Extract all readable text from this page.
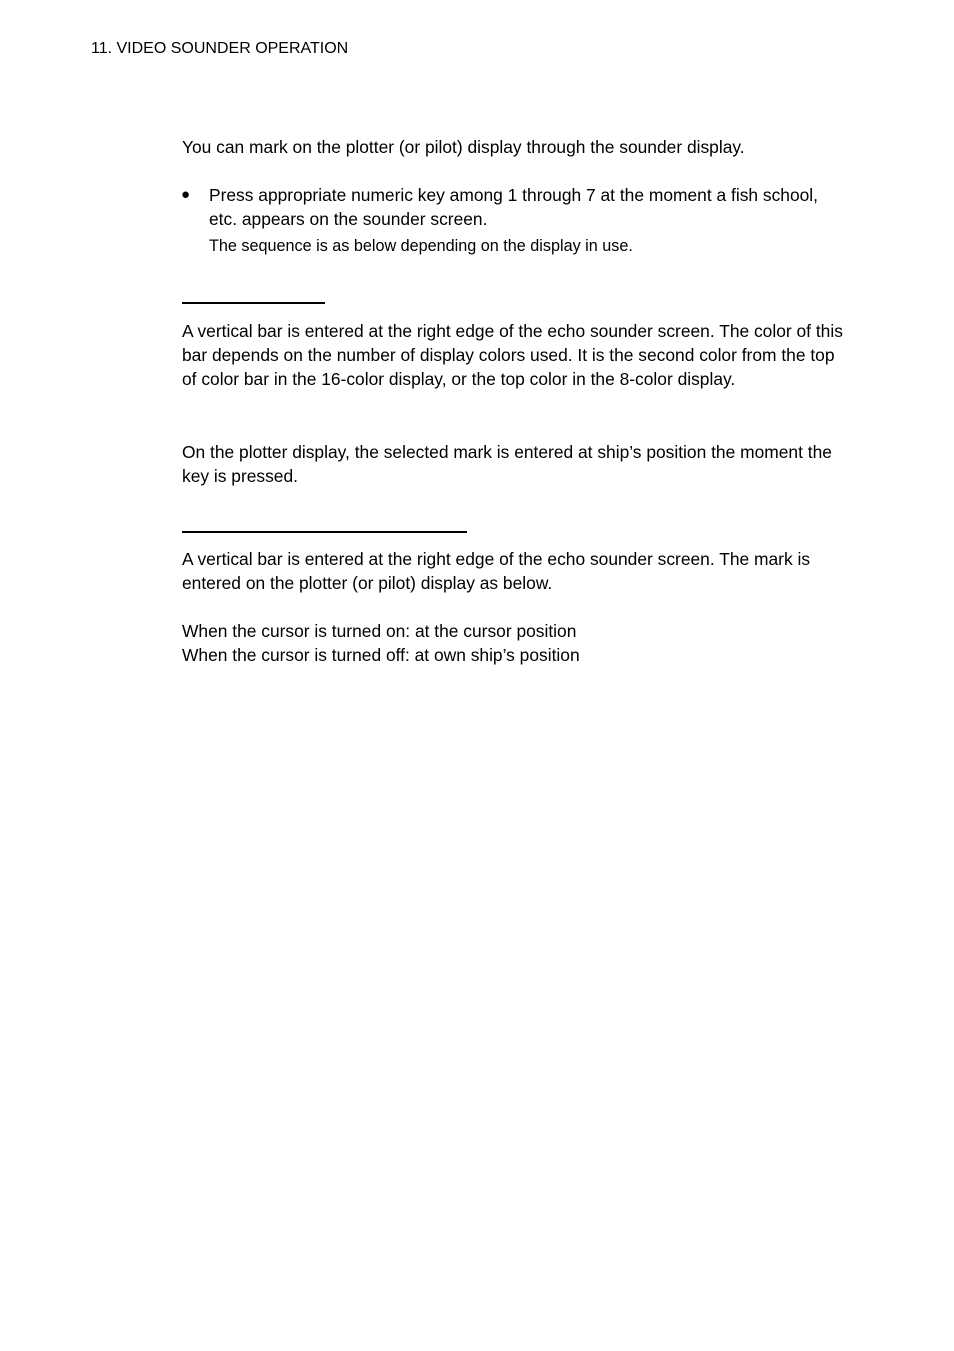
11. VIDEO SOUNDER OPERATION
You can mark on the plotter (or pilot) display through the sounder display.
● Press appropriate numeric key among 1 through 7 at the moment a fish school, etc. appears on the sounder screen.
The sequence is as below depending on the display in use.
A vertical bar is entered at the right edge of the echo sounder screen. The color of this bar depends on the number of display colors used. It is the second color from the top of color bar in the 16-color display, or the top color in the 8-color display.
On the plotter display, the selected mark is entered at ship’s position the moment the key is pressed.
A vertical bar is entered at the right edge of the echo sounder screen. The mark is entered on the plotter (or pilot) display as below.
When the cursor is turned on: at the cursor position
When the cursor is turned off: at own ship’s position
